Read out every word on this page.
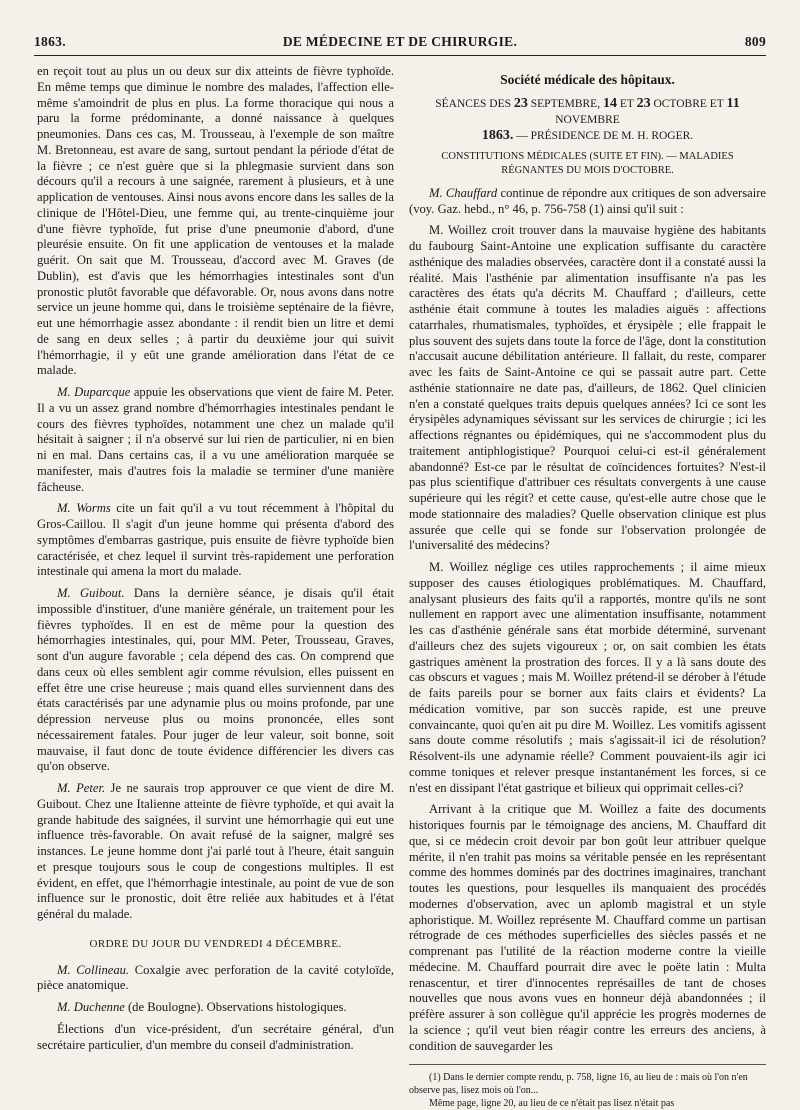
1863.	DE MÉDECINE ET DE CHIRURGIE.	809

en reçoit tout au plus un ou deux sur dix atteints de fièvre typhoïde. En même temps que diminue le nombre des malades, l'affection elle-même s'amoindrit de plus en plus. La forme thoracique qui nous a paru la forme prédominante, a donné naissance à quelques pneumonies. Dans ces cas, M. Trousseau, à l'exemple de son maître M. Bretonneau, est avare de sang, surtout pendant la période d'état de la fièvre ; ce n'est guère que si la phlegmasie survient dans son décours qu'il a recours à une saignée, rarement à plusieurs, et à une application de ventouses. Ainsi nous avons encore dans les salles de la clinique de l'Hôtel-Dieu, une femme qui, au trente-cinquième jour d'une fièvre typhoïde, fut prise d'une pneumonie d'abord, d'une pleurésie ensuite. On fit une application de ventouses et la malade guérit. On sait que M. Trousseau, d'accord avec M. Graves (de Dublin), est d'avis que les hémorrhagies intestinales sont d'un pronostic plutôt favorable que défavorable. Or, nous avons dans notre service un jeune homme qui, dans le troisième septénaire de la fièvre, eut une hémorrhagie assez abondante : il rendit bien un litre et demi de sang en deux selles ; à partir du deuxième jour qui suivit l'hémorrhagie, il y eût une grande amélioration dans l'état de ce malade.

M. Duparcque appuie les observations que vient de faire M. Peter. Il a vu un assez grand nombre d'hémorrhagies intestinales pendant le cours des fièvres typhoïdes, notamment une chez un malade qu'il hésitait à saigner ; il n'a observé sur lui rien de particulier, ni en bien ni en mal. Dans certains cas, il a vu une amélioration marquée se manifester, mais d'autres fois la maladie se terminer d'une manière fâcheuse.

M. Worms cite un fait qu'il a vu tout récemment à l'hôpital du Gros-Caillou. Il s'agit d'un jeune homme qui présenta d'abord des symptômes d'embarras gastrique, puis ensuite de fièvre typhoïde bien caractérisée, et chez lequel il survint très-rapidement une perforation intestinale qui amena la mort du malade.

M. Guibout. Dans la dernière séance, je disais qu'il était impossible d'instituer, d'une manière générale, un traitement pour les fièvres typhoïdes. Il en est de même pour la question des hémorrhagies intestinales, qui, pour MM. Peter, Trousseau, Graves, sont d'un augure favorable ; cela dépend des cas. On comprend que dans ceux où elles semblent agir comme révulsion, elles puissent en effet être une crise heureuse ; mais quand elles surviennent dans des états caractérisés par une adynamie plus ou moins profonde, par une dépression nerveuse plus ou moins prononcée, elles sont nécessairement fatales. Pour juger de leur valeur, soit bonne, soit mauvaise, il faut donc de toute évidence différencier les divers cas qu'on observe.

M. Peter. Je ne saurais trop approuver ce que vient de dire M. Guibout. Chez une Italienne atteinte de fièvre typhoïde, et qui avait la grande habitude des saignées, il survint une hémorrhagie qui eut une influence très-favorable. On avait refusé de la saigner, malgré ses instances. Le jeune homme dont j'ai parlé tout à l'heure, était sanguin et presque toujours sous le coup de congestions multiples. Il est évident, en effet, que l'hémorrhagie intestinale, au point de vue de son influence sur le pronostic, doit être reliée aux habitudes et à l'état général du malade.

ORDRE DU JOUR DU VENDREDI 4 DÉCEMBRE.

M. Collineau. Coxalgie avec perforation de la cavité cotyloïde, pièce anatomique.

M. Duchenne (de Boulogne). Observations histologiques.

Élections d'un vice-président, d'un secrétaire général, d'un secrétaire particulier, d'un membre du conseil d'administration.

Société médicale des hôpitaux.
SÉANCES DES 23 SEPTEMBRE, 14 ET 23 OCTOBRE ET 11 NOVEMBRE
1863. — PRÉSIDENCE DE M. H. ROGER.
CONSTITUTIONS MÉDICALES (SUITE ET FIN). — MALADIES RÉGNANTES DU MOIS D'OCTOBRE.

M. Chauffard continue de répondre aux critiques de son adversaire (voy. Gaz. hebd., n° 46, p. 756-758 (1) ainsi qu'il suit :

M. Woillez croit trouver dans la mauvaise hygiène des habitants du faubourg Saint-Antoine une explication suffisante du caractère asthénique des maladies observées, caractère dont il a constaté aussi la réalité. Mais l'asthénie par alimentation insuffisante n'a pas les caractères des états qu'a décrits M. Chauffard ; d'ailleurs, cette asthénie était commune à toutes les maladies aiguës : affections catarrhales, rhumatismales, typhoïdes, et érysipèle ; elle frappait le plus souvent des sujets dans toute la force de l'âge, dont la constitution n'accusait aucune débilitation antérieure. Il fallait, du reste, comparer avec les faits de Saint-Antoine ce qui se passait autre part. Cette asthénie stationnaire ne date pas, d'ailleurs, de 1862. Quel clinicien n'en a constaté quelques traits depuis quelques années? Ici ce sont les érysipèles adynamiques sévissant sur les services de chirurgie ; ici les affections régnantes ou épidémiques, qui ne s'accommodent plus du traitement antiphlogistique? Pourquoi celui-ci est-il généralement abandonné? Est-ce par le résultat de coïncidences fortuites? N'est-il pas plus scientifique d'attribuer ces résultats convergents à une cause supérieure qui les régit? et cette cause, qu'est-elle autre chose que le mode stationnaire des maladies? Quelle observation clinique est plus assurée que celle qui se fonde sur l'observation prolongée de l'universalité des médecins?

M. Woillez néglige ces utiles rapprochements ; il aime mieux supposer des causes étiologiques problématiques. M. Chauffard, analysant plusieurs des faits qu'il a rapportés, montre qu'ils ne sont nullement en rapport avec une alimentation insuffisante, notamment les cas d'asthénie générale sans état morbide déterminé, survenant d'ailleurs chez des sujets vigoureux ; or, on sait combien les états gastriques amènent la prostration des forces. Il y a là sans doute des cas obscurs et vagues ; mais M. Woillez prétend-il se dérober à l'étude de faits pareils pour se borner aux faits clairs et évidents? La médication vomitive, par son succès rapide, est une preuve convaincante, quoi qu'en ait pu dire M. Woillez. Les vomitifs agissent sans doute comme résolutifs ; mais s'agissait-il ici de résolution? Résolvent-ils une adynamie réelle? Comment pouvaient-ils agir ici comme toniques et relever presque instantanément les forces, si ce n'est en dissipant l'état gastrique et bilieux qui opprimait celles-ci?

Arrivant à la critique que M. Woillez a faite des documents historiques fournis par le témoignage des anciens, M. Chauffard dit que, si ce médecin croit devoir par bon goût leur attribuer quelque mérite, il n'en trahit pas moins sa véritable pensée en les représentant comme des hommes dominés par des doctrines imaginaires, tranchant toutes les questions, pour lesquelles ils manquaient des procédés modernes d'observation, avec un aplomb magistral et un style aphoristique. M. Woillez représente M. Chauffard comme un partisan rétrograde de ces méthodes superficielles des siècles passés et ne comprenant pas l'utilité de la réaction moderne contre la vieille médecine. M. Chauffard pourrait dire avec le poëte latin : Multa renascentur, et tirer d'innocentes représailles de tant de choses nouvelles que nous avons vues en honneur déjà abandonnées ; il préfère assurer à son collègue qu'il apprécie les progrès modernes de la science ; qu'il veut bien réagir contre les erreurs des anciens, à condition de sauvegarder les

(1) Dans le dernier compte rendu, p. 758, ligne 16, au lieu de : mais où l'on n'en observe pas, lisez mois où l'on...

Même page, ligne 20, au lieu de ce n'était pas lisez n'était pas
